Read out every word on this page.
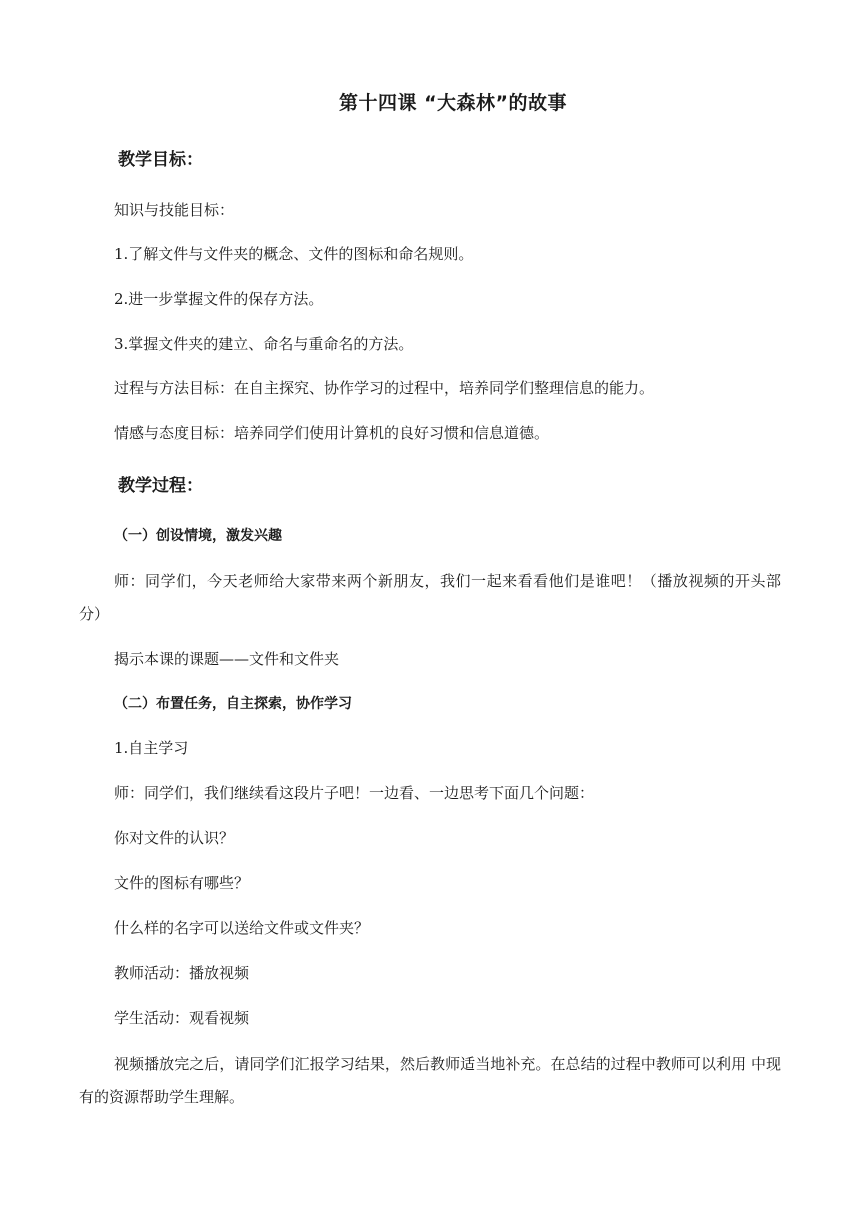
第十四课 “大森林”的故事
教学目标：
知识与技能目标：
1.了解文件与文件夹的概念、文件的图标和命名规则。
2.进一步掌握文件的保存方法。
3.掌握文件夹的建立、命名与重命名的方法。
过程与方法目标：在自主探究、协作学习的过程中，培养同学们整理信息的能力。
情感与态度目标：培养同学们使用计算机的良好习惯和信息道德。
教学过程：
（一）创设情境，激发兴趣
师：同学们，今天老师给大家带来两个新朋友，我们一起来看看他们是谁吧！（播放视频的开头部分）
揭示本课的课题——文件和文件夹
（二）布置任务，自主探索，协作学习
1.自主学习
师：同学们，我们继续看这段片子吧！一边看、一边思考下面几个问题：
你对文件的认识？
文件的图标有哪些？
什么样的名字可以送给文件或文件夹？
教师活动：播放视频
学生活动：观看视频
视频播放完之后，请同学们汇报学习结果，然后教师适当地补充。在总结的过程中教师可以利用 中现有的资源帮助学生理解。
